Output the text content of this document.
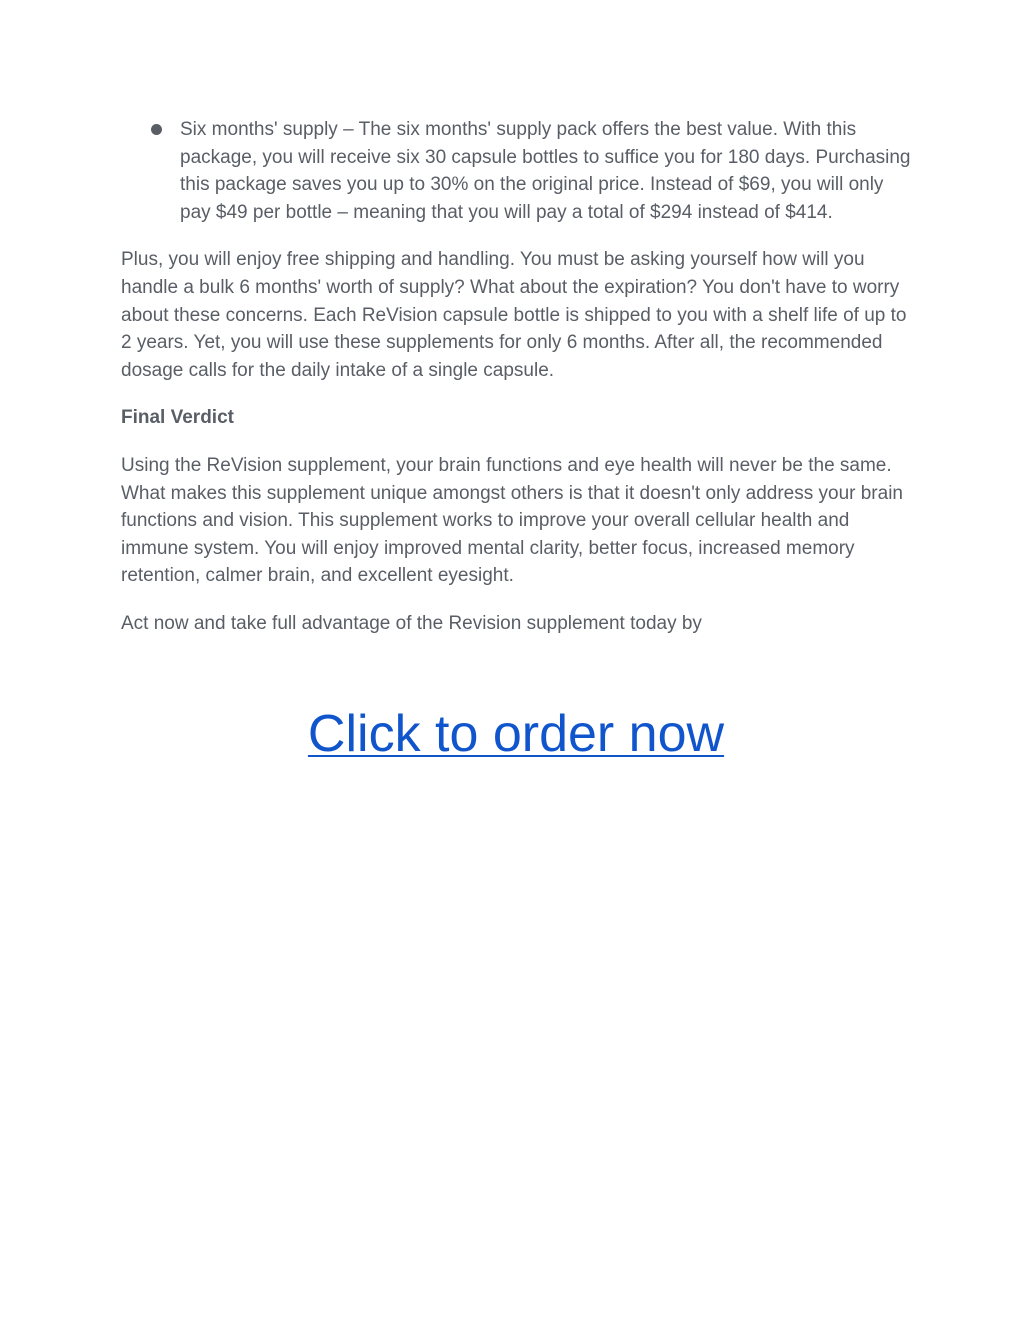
Six months' supply – The six months' supply pack offers the best value. With this package, you will receive six 30 capsule bottles to suffice you for 180 days. Purchasing this package saves you up to 30% on the original price. Instead of $69, you will only pay $49 per bottle – meaning that you will pay a total of $294 instead of $414.

Plus, you will enjoy free shipping and handling. You must be asking yourself how will you handle a bulk 6 months' worth of supply? What about the expiration? You don't have to worry about these concerns. Each ReVision capsule bottle is shipped to you with a shelf life of up to 2 years. Yet, you will use these supplements for only 6 months. After all, the recommended dosage calls for the daily intake of a single capsule.

Final Verdict

Using the ReVision supplement, your brain functions and eye health will never be the same. What makes this supplement unique amongst others is that it doesn't only address your brain functions and vision. This supplement works to improve your overall cellular health and immune system. You will enjoy improved mental clarity, better focus, increased memory retention, calmer brain, and excellent eyesight.

Act now and take full advantage of the Revision supplement today by

Click to order now
